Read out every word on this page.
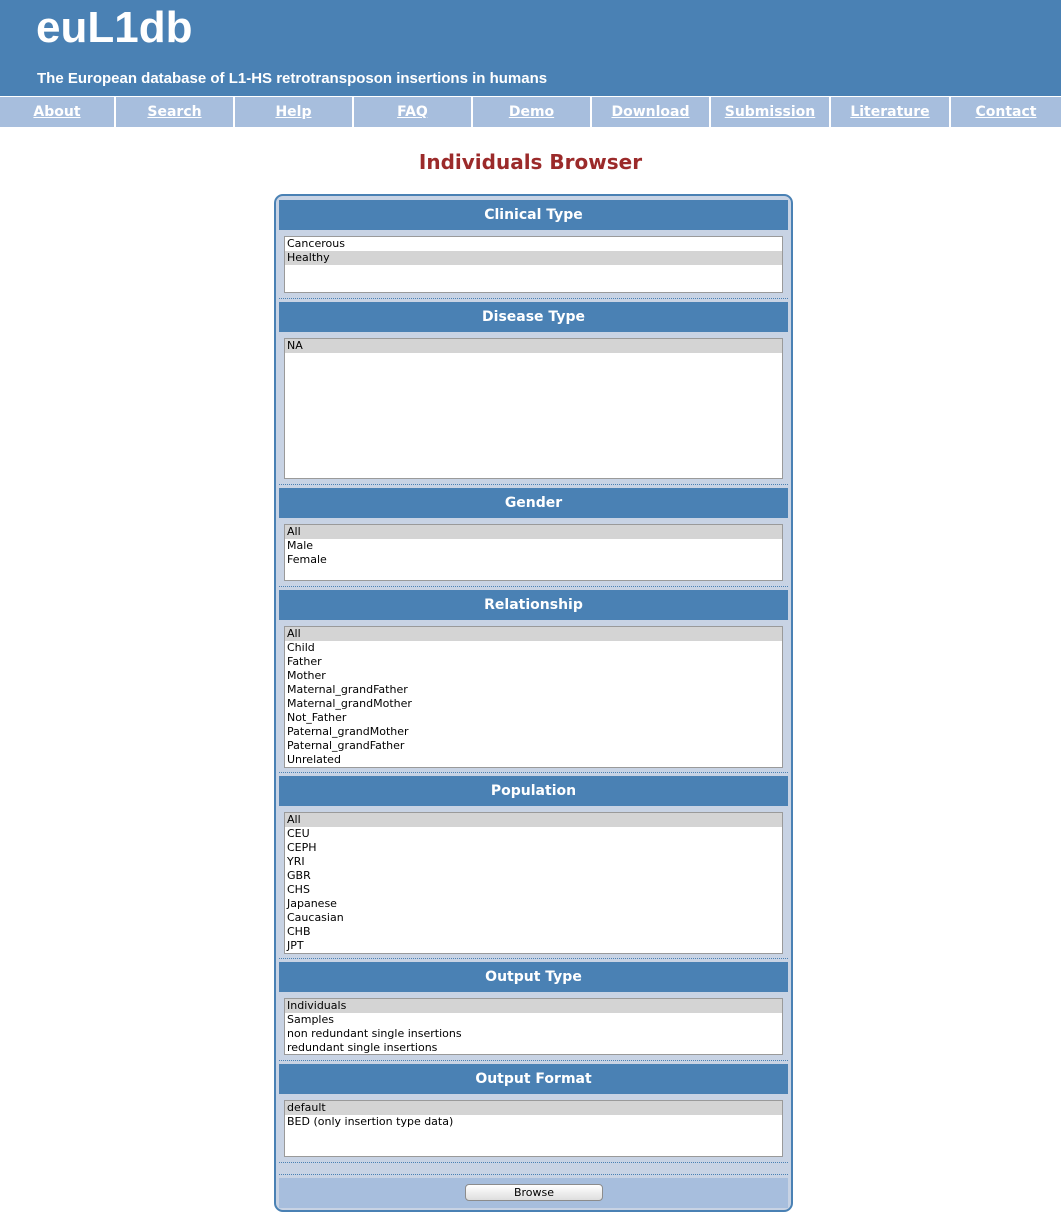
euL1db
The European database of L1-HS retrotransposon insertions in humans
About	Search	Help	FAQ	Demo	Download	Submission	Literature	Contact
Individuals Browser
Clinical Type
Cancerous
Healthy
Disease Type
NA
Gender
All
Male
Female
Relationship
All
Child
Father
Mother
Maternal_grandFather
Maternal_grandMother
Not_Father
Paternal_grandMother
Paternal_grandFather
Unrelated
Population
All
CEU
CEPH
YRI
GBR
CHS
Japanese
Caucasian
CHB
JPT
Output Type
Individuals
Samples
non redundant single insertions
redundant single insertions
Output Format
default
BED (only insertion type data)
Browse
